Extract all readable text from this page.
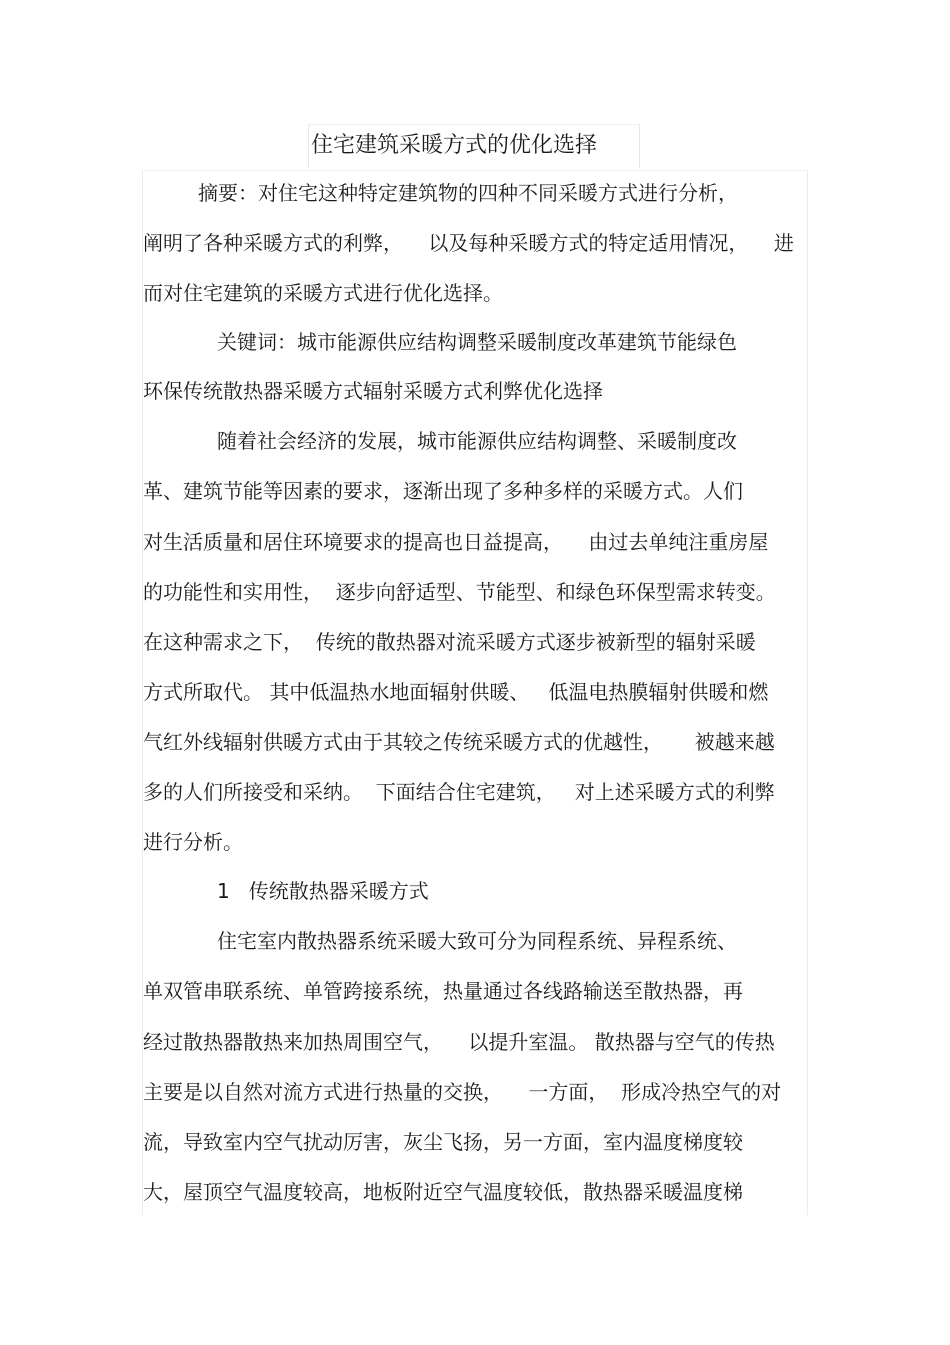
住宅建筑采暖方式的优化选择
摘要：对住宅这种特定建筑物的四种不同采暖方式进行分析，
阐明了各种采暖方式的利弊，    以及每种采暖方式的特定适用情况，    进
而对住宅建筑的采暖方式进行优化选择。
关键词：城市能源供应结构调整采暖制度改革建筑节能绿色
环保传统散热器采暖方式辐射采暖方式利弊优化选择
随着社会经济的发展，城市能源供应结构调整、采暖制度改
革、建筑节能等因素的要求，逐渐出现了多种多样的采暖方式。人们
对生活质量和居住环境要求的提高也日益提高，    由过去单纯注重房屋
的功能性和实用性，  逐步向舒适型、节能型、和绿色环保型需求转变。
在这种需求之下，  传统的散热器对流采暖方式逐步被新型的辐射采暖
方式所取代。 其中低温热水地面辐射供暖、   低温电热膜辐射供暖和燃
气红外线辐射供暖方式由于其较之传统采暖方式的优越性，     被越来越
多的人们所接受和采纳。  下面结合住宅建筑，   对上述采暖方式的利弊
进行分析。
1   传统散热器采暖方式
住宅室内散热器系统采暖大致可分为同程系统、异程系统、
单双管串联系统、单管跨接系统，热量通过各线路输送至散热器，再
经过散热器散热来加热周围空气，    以提升室温。 散热器与空气的传热
主要是以自然对流方式进行热量的交换，    一方面，  形成冷热空气的对
流，导致室内空气扰动厉害，灰尘飞扬，另一方面，室内温度梯度较
大，屋顶空气温度较高，地板附近空气温度较低，散热器采暖温度梯
